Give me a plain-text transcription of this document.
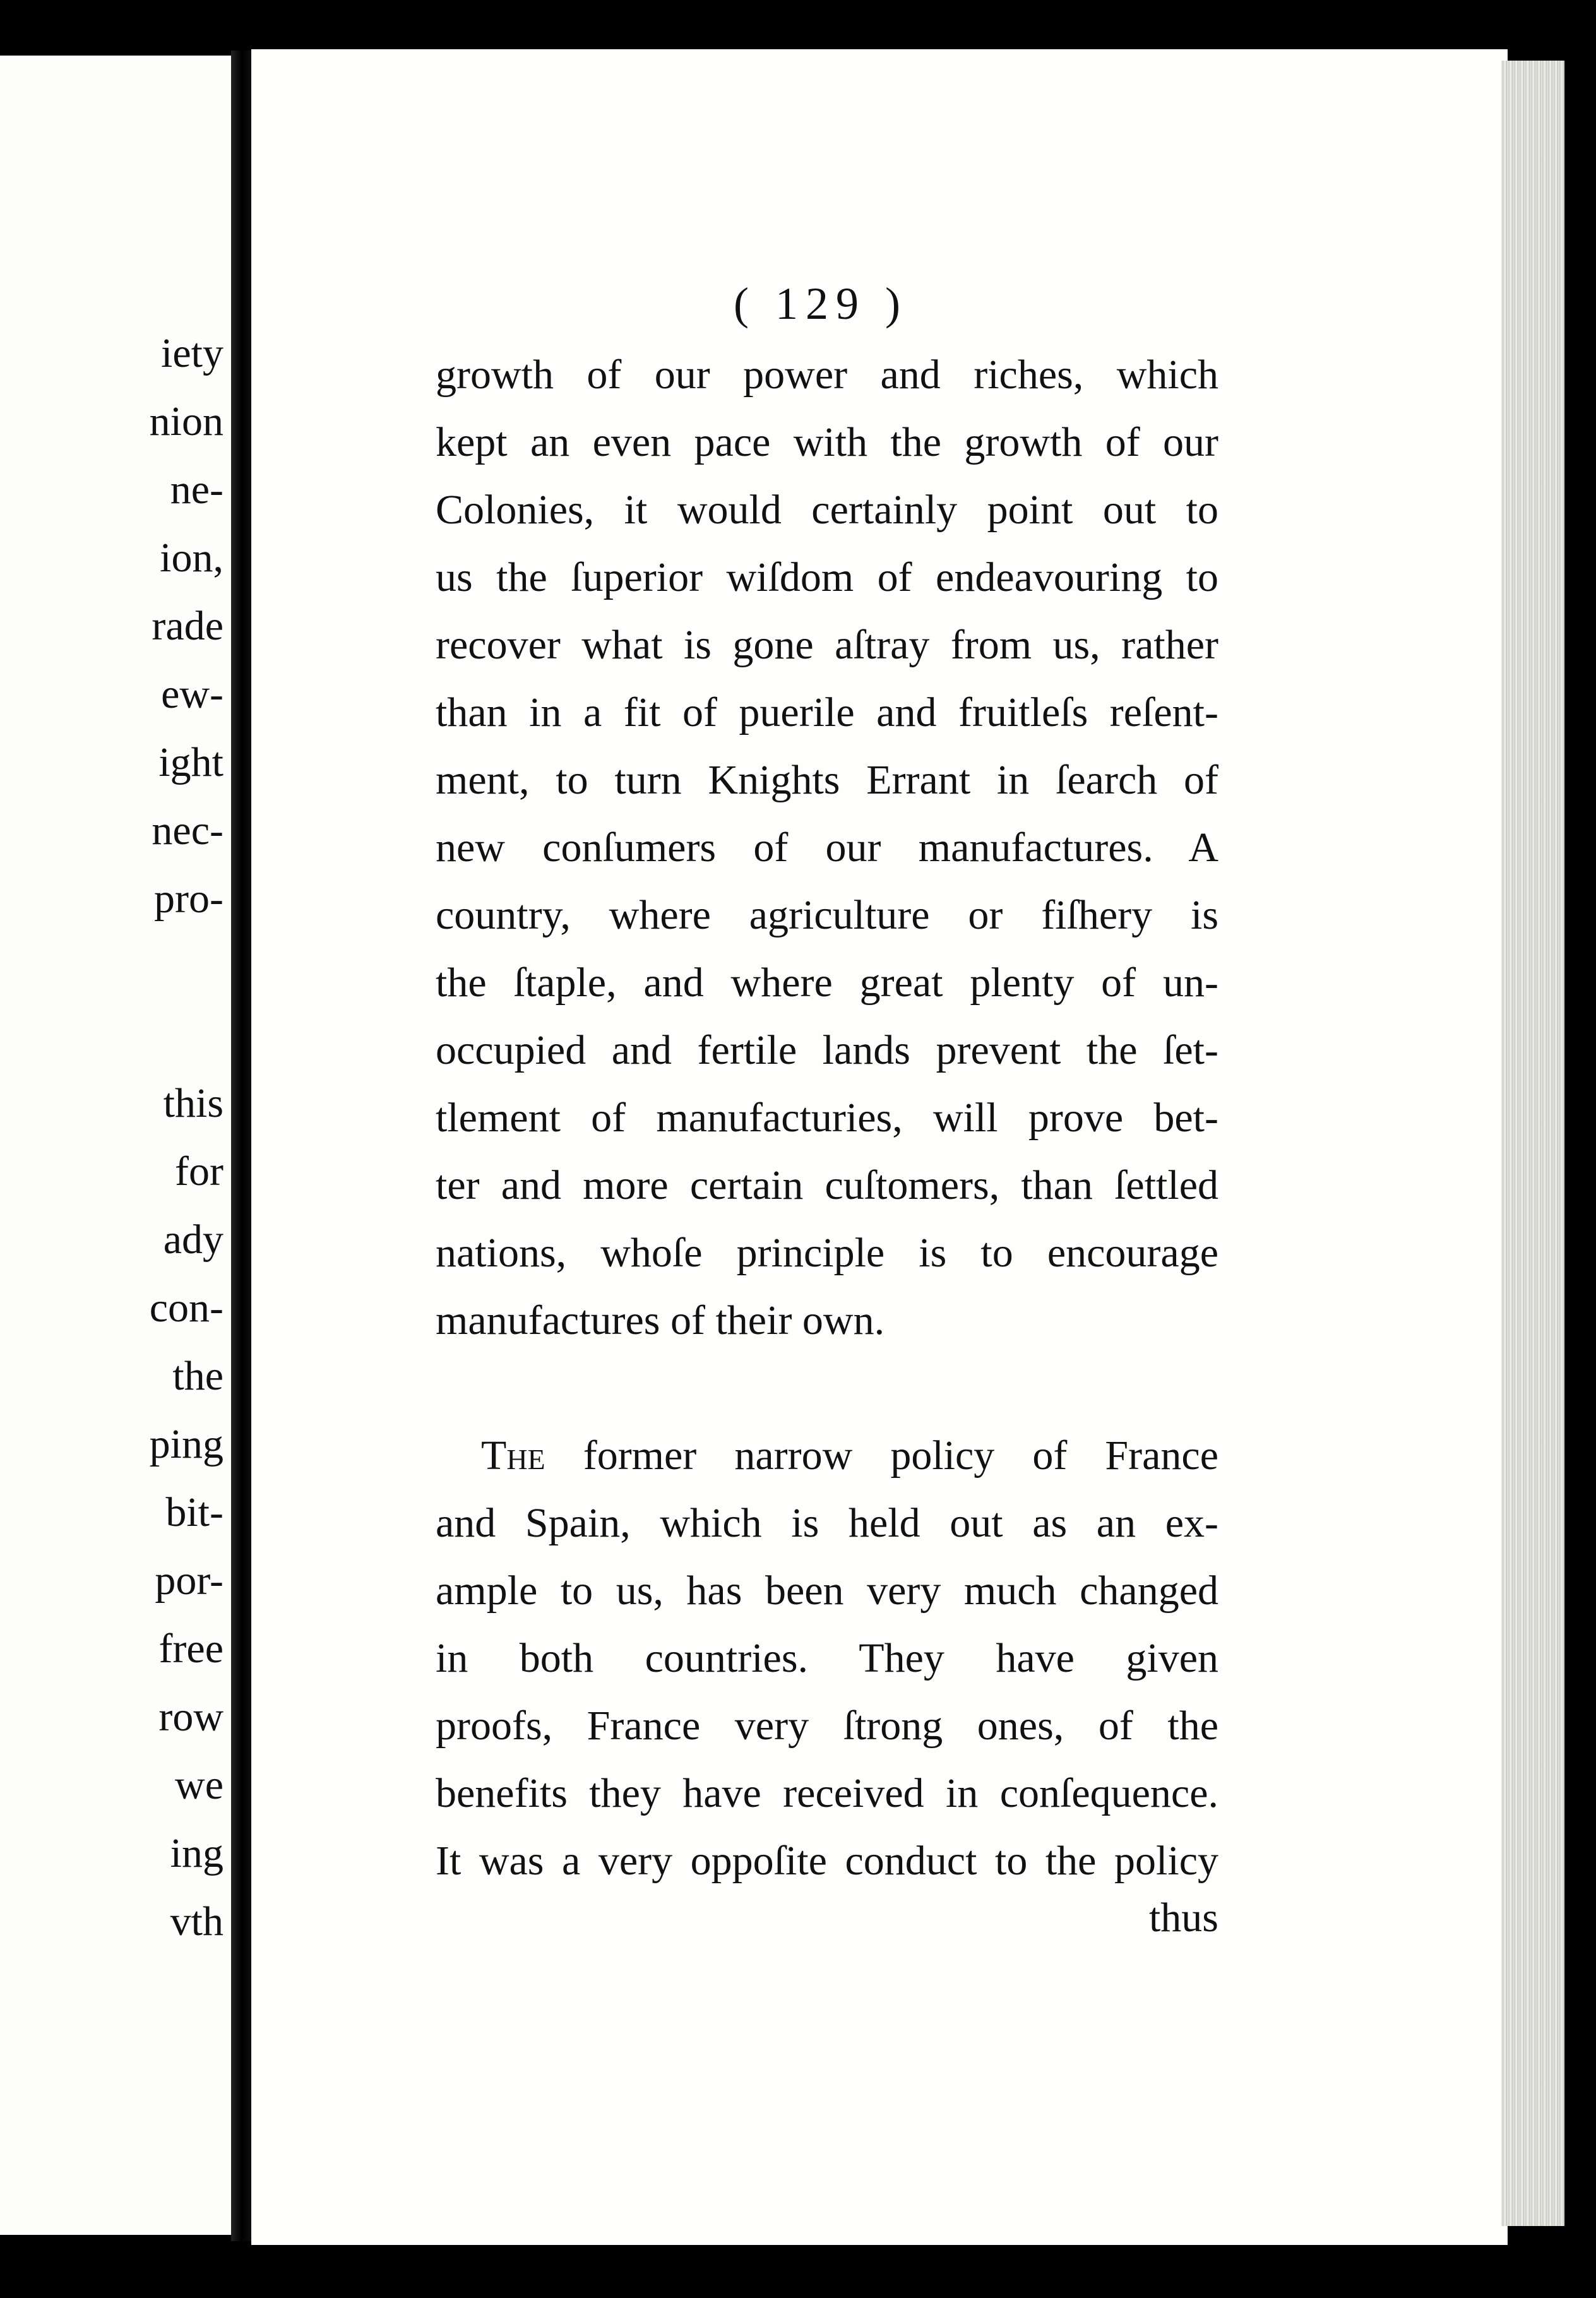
iety
nion
ne-
ion,
rade
ew-
ight
nec-
pro-
this
for
ady
con-
the
ping
bit-
por-
free
row
we
ing
vth
( 129 )
growth of our power and riches, which
kept an even pace with the growth of our
Colonies, it would certainly point out to
us the ſuperior wiſdom of endeavouring to
recover what is gone aſtray from us, rather
than in a fit of puerile and fruitleſs reſent-
ment, to turn Knights Errant in ſearch of
new conſumers of our manufactures. A
country, where agriculture or fiſhery is
the ſtaple, and where great plenty of un-
occupied and fertile lands prevent the ſet-
tlement of manufacturies, will prove bet-
ter and more certain cuſtomers, than ſettled
nations, whoſe principle is to encourage
manufactures of their own.
The former narrow policy of France
and Spain, which is held out as an ex-
ample to us, has been very much changed
in both countries. They have given
proofs, France very ſtrong ones, of the
benefits they have received in conſequence.
It was a very oppoſite conduct to the policy
thus
